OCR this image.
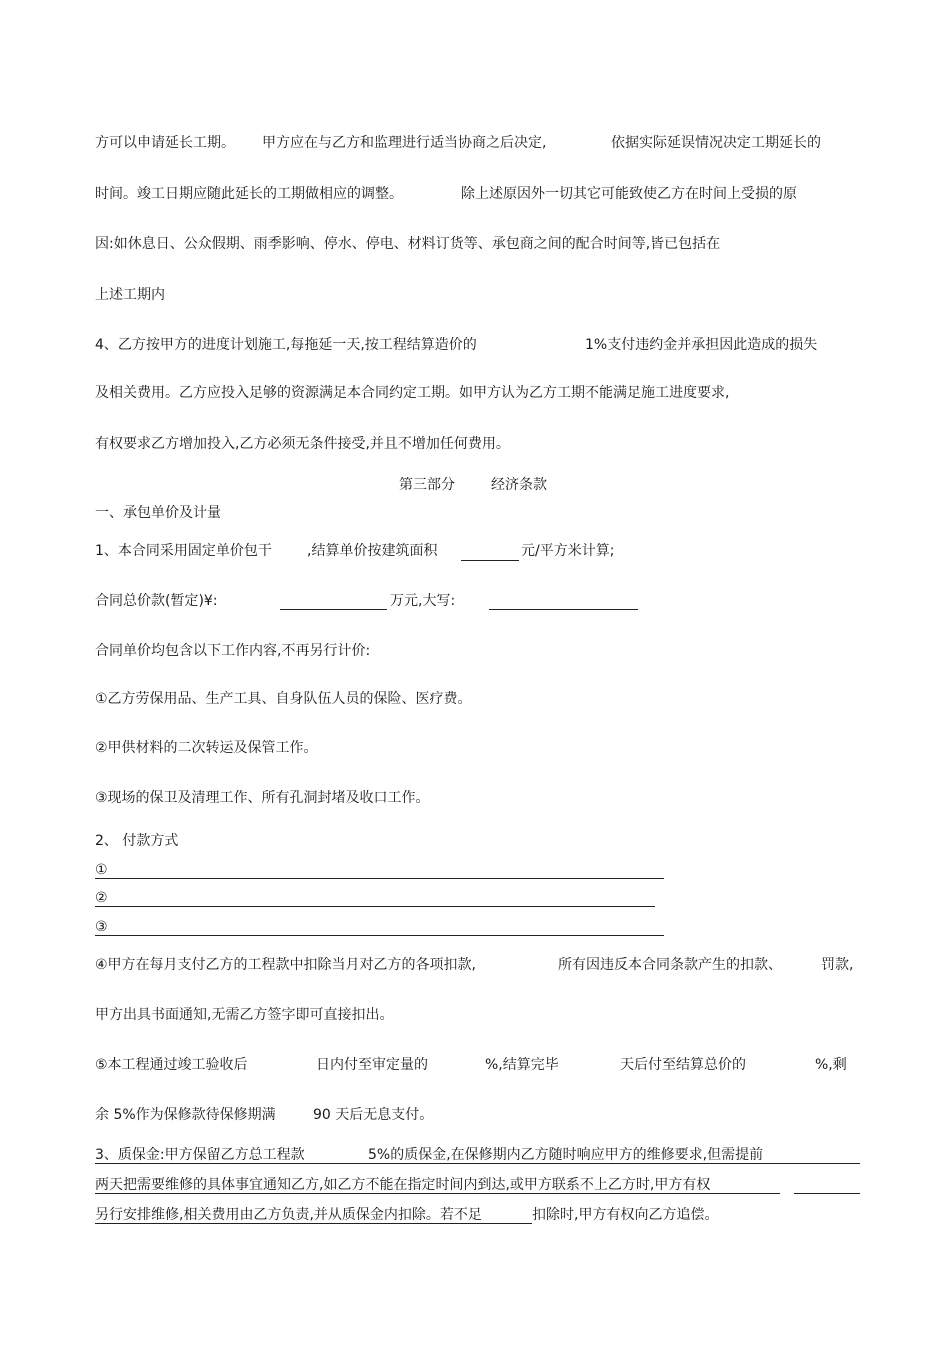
方可以申请延长工期。 甲方应在与乙方和监理进行适当协商之后决定,	依据实际延误情况决定工期延长的
时间。竣工日期应随此延长的工期做相应的调整。	除上述原因外一切其它可能致使乙方在时间上受损的原
因:如休息日、公众假期、雨季影响、停水、停电、材料订货等、承包商之间的配合时间等,皆已包括在
上述工期内
4、乙方按甲方的进度计划施工,每拖延一天,按工程结算造价的	1%支付违约金并承担因此造成的损失
及相关费用。乙方应投入足够的资源满足本合同约定工期。如甲方认为乙方工期不能满足施工进度要求,
有权要求乙方增加投入,乙方必须无条件接受,并且不增加任何费用。
第三部分	经济条款
一、承包单价及计量
1、本合同采用固定单价包干	,结算单价按建筑面积	元/平方米计算;
合同总价款(暂定)¥:	万元,大写:
合同单价均包含以下工作内容,不再另行计价:
①乙方劳保用品、生产工具、自身队伍人员的保险、医疗费。
②甲供材料的二次转运及保管工作。
③现场的保卫及清理工作、所有孔洞封堵及收口工作。
2、 付款方式
①
②
③
④甲方在每月支付乙方的工程款中扣除当月对乙方的各项扣款,	所有因违反本合同条款产生的扣款、	罚款,
甲方出具书面通知,无需乙方签字即可直接扣出。
⑤本工程通过竣工验收后	日内付至审定量的	%,结算完毕	天后付至结算总价的	%,剩
余 5%作为保修款待保修期满	90 天后无息支付。
3、质保金:甲方保留乙方总工程款	5%的质保金,在保修期内乙方随时响应甲方的维修要求,但需提前
两天把需要维修的具体事宜通知乙方,如乙方不能在指定时间内到达,或甲方联系不上乙方时,甲方有权
另行安排维修,相关费用由乙方负责,并从质保金内扣除。若不足	扣除时,甲方有权向乙方追偿。
